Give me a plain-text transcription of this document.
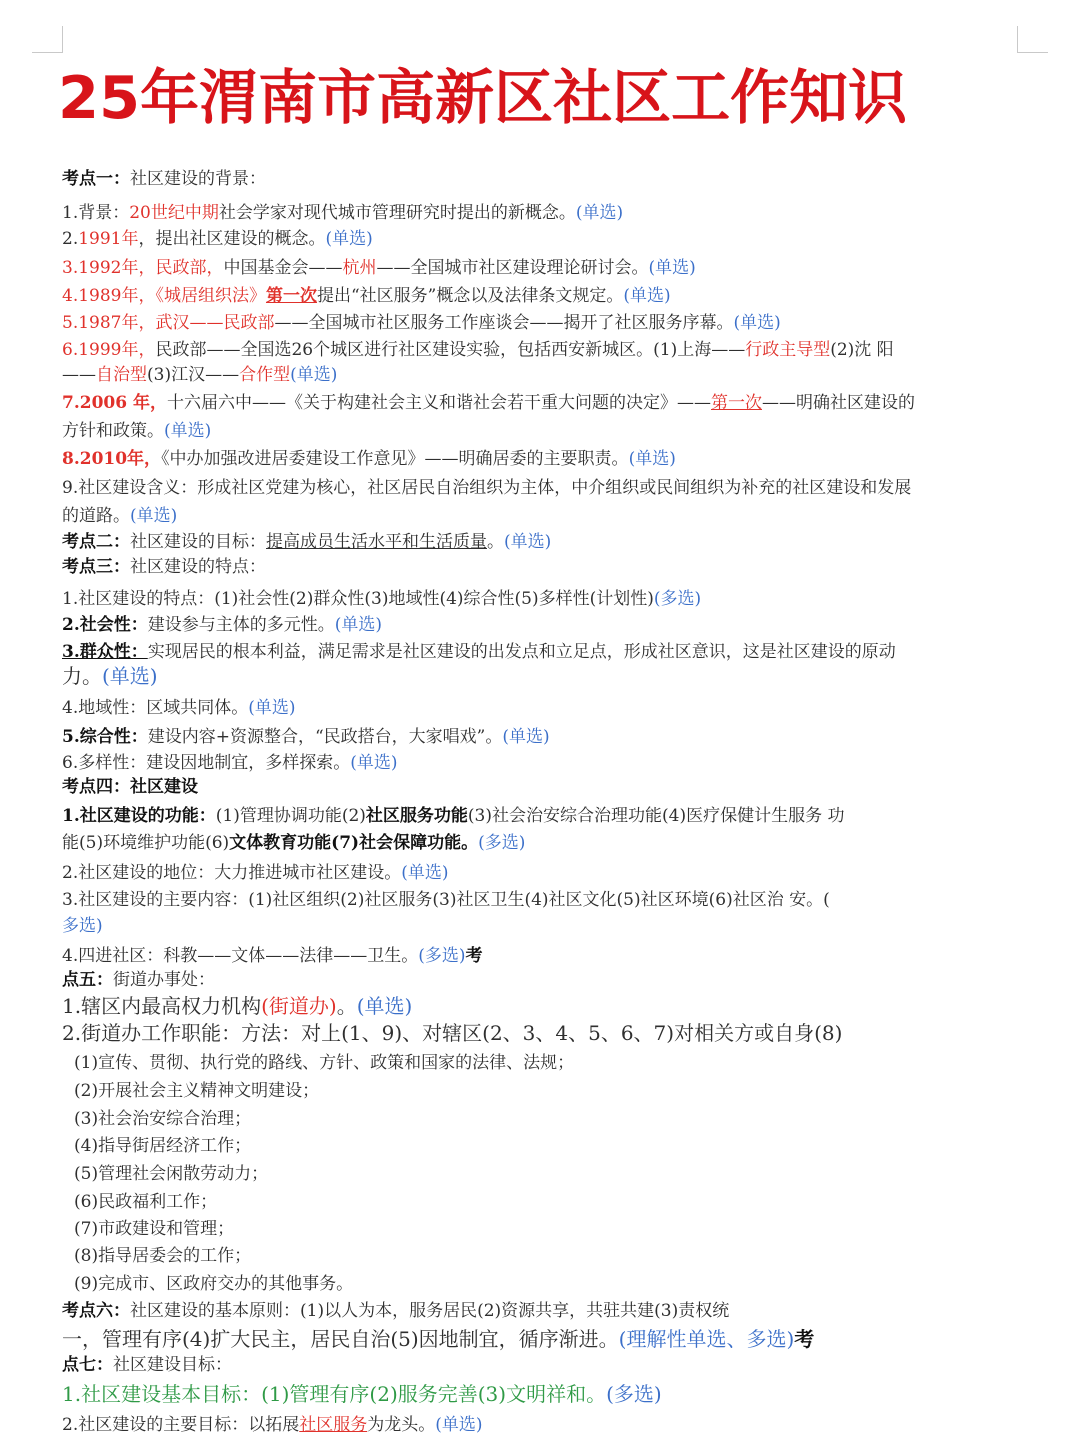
25年渭南市高新区社区工作知识
考点一：社区建设的背景：
1.背景：20世纪中期社会学家对现代城市管理研究时提出的新概念。(单选)
2.1991年，提出社区建设的概念。(单选)
3.1992年，民政部，中国基金会——杭州——全国城市社区建设理论研讨会。(单选)
4.1989年，《城居组织法》第一次提出“社区服务”概念以及法律条文规定。(单选)
5.1987年，武汉——民政部——全国城市社区服务工作座谈会——揭开了社区服务序幕。(单选)
6.1999年，民政部——全国选26个城区进行社区建设实验，包括西安新城区。(1)上海——行政主导型(2)沈 阳
——自治型(3)江汉——合作型(单选)
7.2006 年，十六届六中——《关于构建社会主义和谐社会若干重大问题的决定》——第一次——明确社区建设的
方针和政策。(单选)
8.2010年，《中办加强改进居委建设工作意见》——明确居委的主要职责。(单选)
9.社区建设含义：形成社区党建为核心，社区居民自治组织为主体，中介组织或民间组织为补充的社区建设和发展
的道路。(单选)
考点二：社区建设的目标：提高成员生活水平和生活质量。(单选)
考点三：社区建设的特点：
1.社区建设的特点：(1)社会性(2)群众性(3)地域性(4)综合性(5)多样性(计划性)(多选)
2.社会性：建设参与主体的多元性。(单选)
3.群众性：实现居民的根本利益，满足需求是社区建设的出发点和立足点，形成社区意识，这是社区建设的原动
力。(单选)
4.地域性：区域共同体。(单选)
5.综合性：建设内容+资源整合，“民政搭台，大家唱戏”。(单选)
6.多样性：建设因地制宜，多样探索。(单选)
考点四：社区建设
1.社区建设的功能：(1)管理协调功能(2)社区服务功能(3)社会治安综合治理功能(4)医疗保健计生服务 功
能(5)环境维护功能(6)文体教育功能(7)社会保障功能。(多选)
2.社区建设的地位：大力推进城市社区建设。(单选)
3.社区建设的主要内容：(1)社区组织(2)社区服务(3)社区卫生(4)社区文化(5)社区环境(6)社区治 安。(
多选)
4.四进社区：科教——文体——法律——卫生。(多选)考
点五：街道办事处：
1.辖区内最高权力机构(街道办)。(单选)
2.街道办工作职能：方法：对上(1、9)、对辖区(2、3、4、5、6、7)对相关方或自身(8)
(1)宣传、贯彻、执行党的路线、方针、政策和国家的法律、法规；
(2)开展社会主义精神文明建设；
(3)社会治安综合治理；
(4)指导街居经济工作；
(5)管理社会闲散劳动力；
(6)民政福利工作；
(7)市政建设和管理；
(8)指导居委会的工作；
(9)完成市、区政府交办的其他事务。
考点六：社区建设的基本原则：(1)以人为本，服务居民(2)资源共享，共驻共建(3)责权统
一，管理有序(4)扩大民主，居民自治(5)因地制宜，循序渐进。(理解性单选、多选)考
点七：社区建设目标：
1.社区建设基本目标：(1)管理有序(2)服务完善(3)文明祥和。(多选)
2.社区建设的主要目标：以拓展社区服务为龙头。(单选)
